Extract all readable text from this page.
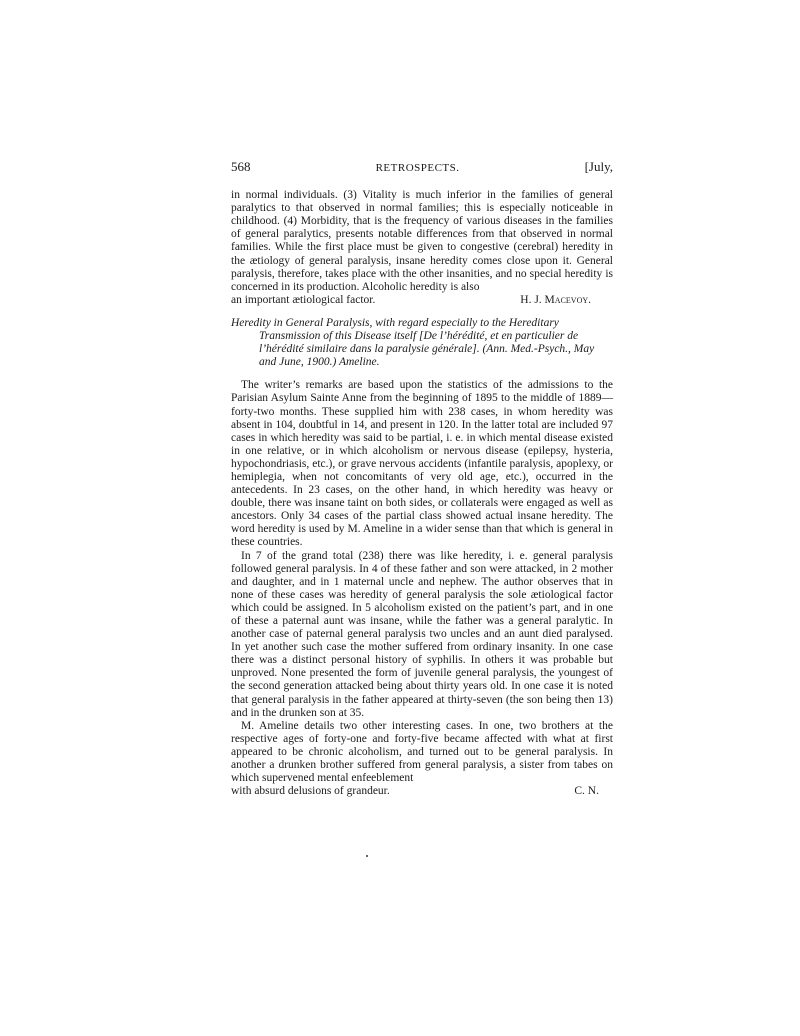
568	RETROSPECTS.	[July,

in normal individuals. (3) Vitality is much inferior in the families of general paralytics to that observed in normal families; this is especially noticeable in childhood. (4) Morbidity, that is the frequency of various diseases in the families of general paralytics, presents notable differences from that observed in normal families. While the first place must be given to congestive (cerebral) heredity in the ætiology of general paralysis, insane heredity comes close upon it. General paralysis, therefore, takes place with the other insanities, and no special heredity is concerned in its production. Alcoholic heredity is also

an important ætiological factor.	H. J. Macevoy.

Heredity in General Paralysis, with regard especially to the Hereditary Transmission of this Disease itself [De l’hérédité, et en particulier de l’hérédité similaire dans la paralysie générale]. (Ann. Med.-Psych., May and June, 1900.) Ameline.

The writer’s remarks are based upon the statistics of the admissions to the Parisian Asylum Sainte Anne from the beginning of 1895 to the middle of 1889—forty-two months. These supplied him with 238 cases, in whom heredity was absent in 104, doubtful in 14, and present in 120. In the latter total are included 97 cases in which heredity was said to be partial, i. e. in which mental disease existed in one relative, or in which alcoholism or nervous disease (epilepsy, hysteria, hypochondriasis, etc.), or grave nervous accidents (infantile paralysis, apoplexy, or hemiplegia, when not concomitants of very old age, etc.), occurred in the antecedents. In 23 cases, on the other hand, in which heredity was heavy or double, there was insane taint on both sides, or collaterals were engaged as well as ancestors. Only 34 cases of the partial class showed actual insane heredity. The word heredity is used by M. Ameline in a wider sense than that which is general in these countries.

In 7 of the grand total (238) there was like heredity, i. e. general paralysis followed general paralysis. In 4 of these father and son were attacked, in 2 mother and daughter, and in 1 maternal uncle and nephew. The author observes that in none of these cases was heredity of general paralysis the sole ætiological factor which could be assigned. In 5 alcoholism existed on the patient’s part, and in one of these a paternal aunt was insane, while the father was a general paralytic. In another case of paternal general paralysis two uncles and an aunt died paralysed. In yet another such case the mother suffered from ordinary insanity. In one case there was a distinct personal history of syphilis. In others it was probable but unproved. None presented the form of juvenile general paralysis, the youngest of the second generation attacked being about thirty years old. In one case it is noted that general paralysis in the father appeared at thirty-seven (the son being then 13) and in the drunken son at 35.

M. Ameline details two other interesting cases. In one, two brothers at the respective ages of forty-one and forty-five became affected with what at first appeared to be chronic alcoholism, and turned out to be general paralysis. In another a drunken brother suffered from general paralysis, a sister from tabes on which supervened mental enfeeblement

with absurd delusions of grandeur.	C. N.
